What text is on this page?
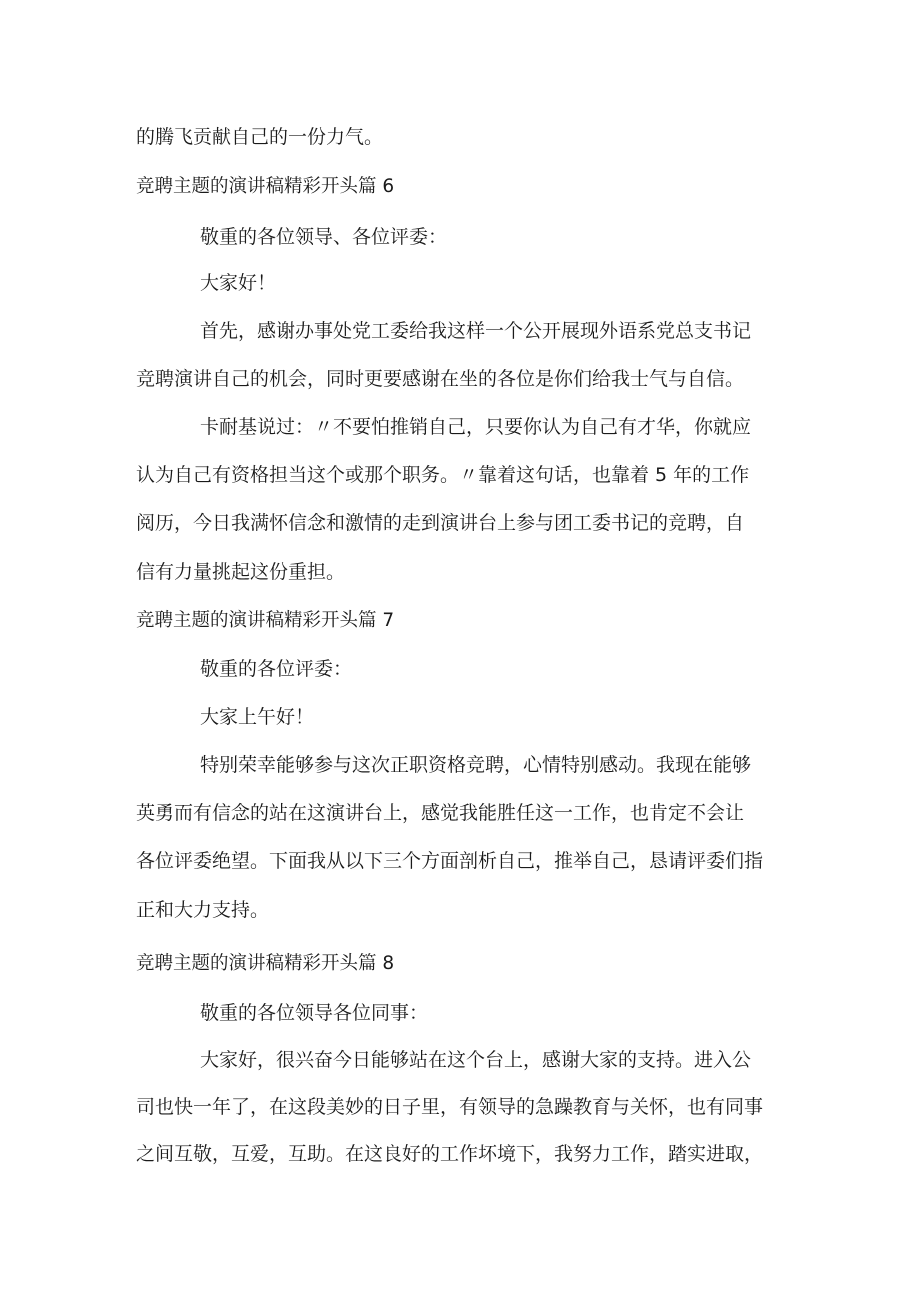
的腾飞贡献自己的一份力气。

竞聘主题的演讲稿精彩开头篇 6

敬重的各位领导、各位评委：

大家好！

首先，感谢办事处党工委给我这样一个公开展现外语系党总支书记

竞聘演讲自己的机会，同时更要感谢在坐的各位是你们给我士气与自信。

卡耐基说过：〃不要怕推销自己，只要你认为自己有才华，你就应

认为自己有资格担当这个或那个职务。〃靠着这句话，也靠着 5 年的工作

阅历，今日我满怀信念和激情的走到演讲台上参与团工委书记的竞聘，自

信有力量挑起这份重担。

竞聘主题的演讲稿精彩开头篇 7

敬重的各位评委：

大家上午好！

特别荣幸能够参与这次正职资格竞聘，心情特别感动。我现在能够

英勇而有信念的站在这演讲台上，感觉我能胜任这一工作，也肯定不会让

各位评委绝望。下面我从以下三个方面剖析自己，推举自己，恳请评委们指

正和大力支持。

竞聘主题的演讲稿精彩开头篇 8

敬重的各位领导各位同事：

大家好，很兴奋今日能够站在这个台上，感谢大家的支持。进入公

司也快一年了，在这段美妙的日子里，有领导的急躁教育与关怀，也有同事

之间互敬，互爱，互助。在这良好的工作坏境下，我努力工作，踏实进取，
